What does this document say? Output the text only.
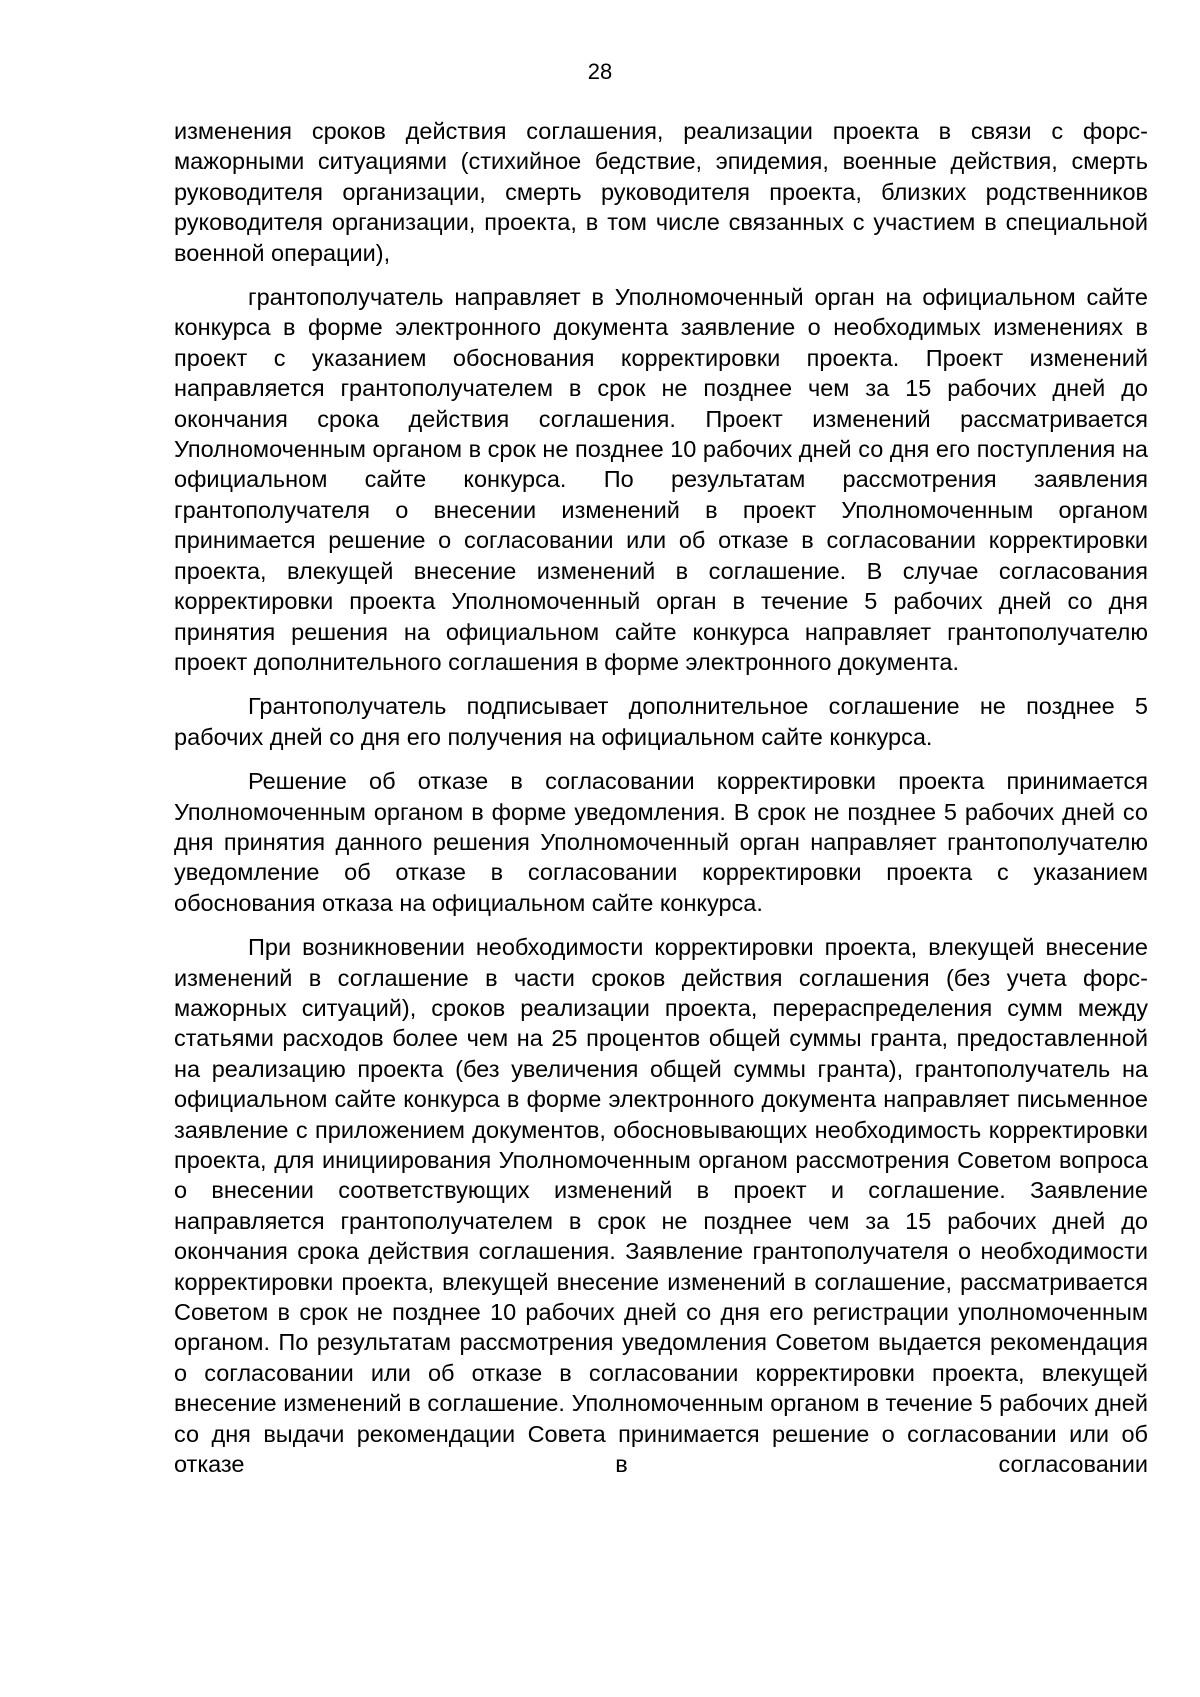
28

изменения сроков действия соглашения, реализации проекта в связи с форс-мажорными ситуациями (стихийное бедствие, эпидемия, военные действия, смерть руководителя организации, смерть руководителя проекта, близких родственников руководителя организации, проекта, в том числе связанных с участием в специальной военной операции),

грантополучатель направляет в Уполномоченный орган на официальном сайте конкурса в форме электронного документа заявление о необходимых изменениях в проект с указанием обоснования корректировки проекта. Проект изменений направляется грантополучателем в срок не позднее чем за 15 рабочих дней до окончания срока действия соглашения. Проект изменений рассматривается Уполномоченным органом в срок не позднее 10 рабочих дней со дня его поступления на официальном сайте конкурса. По результатам рассмотрения заявления грантополучателя о внесении изменений в проект Уполномоченным органом принимается решение о согласовании или об отказе в согласовании корректировки проекта, влекущей внесение изменений в соглашение. В случае согласования корректировки проекта Уполномоченный орган в течение 5 рабочих дней со дня принятия решения на официальном сайте конкурса направляет грантополучателю проект дополнительного соглашения в форме электронного документа.

Грантополучатель подписывает дополнительное соглашение не позднее 5 рабочих дней со дня его получения на официальном сайте конкурса.

Решение об отказе в согласовании корректировки проекта принимается Уполномоченным органом в форме уведомления. В срок не позднее 5 рабочих дней со дня принятия данного решения Уполномоченный орган направляет грантополучателю уведомление об отказе в согласовании корректировки проекта с указанием обоснования отказа на официальном сайте конкурса.

При возникновении необходимости корректировки проекта, влекущей внесение изменений в соглашение в части сроков действия соглашения (без учета форс-мажорных ситуаций), сроков реализации проекта, перераспределения сумм между статьями расходов более чем на 25 процентов общей суммы гранта, предоставленной на реализацию проекта (без увеличения общей суммы гранта), грантополучатель на официальном сайте конкурса в форме электронного документа направляет письменное заявление с приложением документов, обосновывающих необходимость корректировки проекта, для инициирования Уполномоченным органом рассмотрения Советом вопроса о внесении соответствующих изменений в проект и соглашение. Заявление направляется грантополучателем в срок не позднее чем за 15 рабочих дней до окончания срока действия соглашения. Заявление грантополучателя о необходимости корректировки проекта, влекущей внесение изменений в соглашение, рассматривается Советом в срок не позднее 10 рабочих дней со дня его регистрации уполномоченным органом. По результатам рассмотрения уведомления Советом выдается рекомендация о согласовании или об отказе в согласовании корректировки проекта, влекущей внесение изменений в соглашение. Уполномоченным органом в течение 5 рабочих дней со дня выдачи рекомендации Совета принимается решение о согласовании или об отказе в согласовании
